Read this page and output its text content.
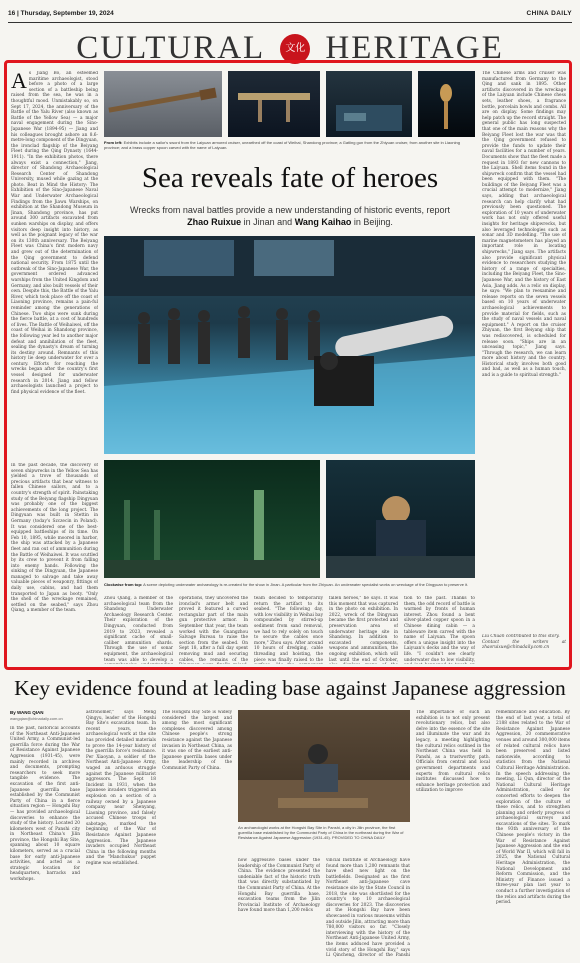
16 | Thursday, September 19, 2024	CHINA DAILY
CULTURAL 文化 HERITAGE
As Jiang Bo, an esteemed maritime archaeologist, stood before a photo of a large section of a battleship being raised from the sea, he was in a thoughtful mood. Unmistakably so, on Sept 17, 2024, the anniversary of the Battle of the Yalu River (also known as Battle of the Yellow Sea) — a major naval engagement during the Sino-Japanese War (1894-95) — Jiang and his colleagues brought ashore an 8.6-metre-long component of the Dingyuan, the ironclad flagship of the Beiyang Fleet during the Qing Dynasty (1644-1911). "In the exhibition photos, there always exist a connection," Jiang, director of Shandong Archaeological Research Center of Shandong University, mused while gazing at the photo. Beat in Mind the History: The Exhibition of the Sino-Japanese Naval War and Underwater Archaeological Findings from the Jiawu Warships, on exhibition at the Shandong Museum in Jinan, Shandong province, has put around 300 artifacts excavated from sunken warships on display, and offers visitors deep insight into history, as well as the poignant legacy of the war on its 130th anniversary. The Beiyang Fleet was China's first modern navy and grew out of the determination of the Qing government to defend national security. From 1875 until the outbreak of the Sino-Japanese War, the government ordered advanced warships from the United Kingdom and Germany, and also built vessels of their own. Despite this, the Battle of the Yalu River, which took place off the coast of Liaoning province, remains a pain-ful reminder among the generations of Chinese. Two ships were sunk during the fierce battle, at a cost of hundreds of lives. The Battle of Weihaiwei, off the coast of Weihai in Shandong province, the following year led to another major defeat and annihilation of the fleet, sealing the dynasty's dream of turning its destiny around. Remnants of this history lie deep underwater for over a century. Efforts for reaching the wrecks began after the country's first vessel designed for underwater research in 2014. Jiang and fellow archaeologists launched a project to find physical evidence of the fleet.
In the past decade, the discovery of seven shipwrecks in the Yellow Sea has yielded a trove of thousands of precious artifacts that bear witness to fallen Chinese sailors, and to a country's strength of spirit. Painstaking study of the Beiyang flagship Dingyuan was probably one of the biggest achievements of the long project. The Dingyuan was built in Stettin in Germany (today's Szczecin in Poland). It was considered one of the best-equipped battleships of its time. On Feb 10, 1895, while moored in harbor, the ship was attacked by a Japanese fleet and ran out of ammunition during the Battle of Weihaiwei. It was scuttled by its crew to prevent it from falling into enemy hands. Following the sinking of the Dingyuan, the Japanese managed to salvage and take away valuable pieces of weaponry, fittings of daily use, cabins, and had them transported to Japan as booty. "Only the shell of the wreckage remained, settled on the seabed," says Zhou Qiang, a member of the team.
From left: Exhibits include a sailor's sword from the Laiyuan armored cruiser, unearthed off the coast of Weihai, Shandong province; a Gatling gun from the Zhiyuan cruiser, from another site in Liaoning province; and a brass copper spoon carved with the name of Laiyuan.
Sea reveals fate of heroes
Wrecks from naval battles provide a new understanding of historic events, report Zhao Ruixue in Jinan and Wang Kaihao in Beijing.
Clockwise from top: A scene depicting underwater archaeology is re-created for the show in Jinan. A particular from the Zhiyuan. An underwater specialist works on wreckage of the Dingyuan to preserve it.
Zhou Qiang, a member of the archaeological team from the Shandong Underwater Archaeology Research Center. Their exploration of the Dingyuan, conducted from 2019 to 2023, revealed a significant cache of small-caliber ammunition shards. Through the use of sonar equipment, the archaeological team was able to develop a
operations, they uncovered the ironclad's armor belt and proved it featured a curved rectangular part of the main gun protective armor. In September that year, the team worked with the Guangzhou Salvage Bureau to raise the section from the seabed. On Sept 18, after a full day spent removing mud and securing cables, the remains of the
team decided to temporarily return the artifact to its seabed. "The following day, with low visibility in Weihai bay compounded by stirred-up sediment from sand removal, we had to rely solely on touch to secure the cables once more," Zhou says. After around 10 hours of dredging, cable threading and hoisting, the piece was finally raised to the
fallen heroes," he says. It was this moment that was captured in the photo on exhibition. In 2022, wreck of the Dingyuan became the first protected and preservation area of underwater heritage site in Shandong. In addition to excavated components, weapons and ammunition, the ongoing exhibition, which will last until the end of October,
tion to the past. Thanks to them, the odd record of battle is warmed by fronts of human interest. Zhou found a bent silver-plated copper spoon in a Chinese dining cabin — a tableware item carved with the name of Laiyuan. The spoon offers a unique insight into the Laiyuan's decks and the way of life. "I couldn't see clearly underwater due to low visibility,
The Chinese arms and cruiser was manufactured from Germany to the Qing and sank in 1895. Other artifacts discovered in the wreckage of the Laiyuan include Chinese chess sets, leather shoes, a fragrance bottle, porcelain bowls and combs. All are on display. Some findings may help patch up the record straight. The general public has long suspected that one of the main reasons why the Beiyang Fleet lost the war was that the Qing government refused to provide the funds to update their naval facilities for a number of years. Documents show that the fleet made a request in 1893 for new cannons to the Laiyuan. Shell items found in the shipwreck confirm that the vessel had been equipped with them. "The buildings of the Beiyang Fleet was a crucial attempt to modernize," Jiang says, adding that archaeological research can help clarify what had previously been questioned. The exploration of 10 years of underwater work has not only offered useful insights for heritage shipwrecks, but also leveraged technologies such as sonar and 3D modelling. "The use of marine magnetometers has played an important role in locating shipwrecks," Jiang says. The artifacts also provide significant physical evidence to researchers studying the history of a range of specialties, including the Beiyang Fleet, the Sino-Japanese War, and the history of East Asia, Jiang adds. As a relic on display, he says: "We plan to reexamine and release reports on the seven vessels based on 10 years of underwater archaeological achievements to provide material for fields, such as the study of naval vessels and naval equipment." A report on the cruiser Zhiyuan, the first Beiyang ship that was rediscovered, is scheduled for release soon. "Ships are in an unceasing topic," Jiang says. "Through the research, we can learn more about history and the country. Historical study involves both good and bad, as well as a human touch, and is a guide to spiritual strength."
Liu Chuan contributed to this story.
Contact the writers at zhaoruixue@chinadaily.com.cn
Key evidence found at leading base against Japanese aggression
By WANG QIAN
wangqian@chinadaily.com.cn
In the past, historical accounts of the Northeast Anti-Japanese United Army, a Communist-led guerrilla force during the War of Resistance Against Japanese Aggression (1931-45), were mainly recorded in archives and documents, prompting researchers to seek more tangible evidence. The excavation of the first anti-Japanese guerrilla base established by the Communist Party of China in a fierce situation region — Hongshi Bay — has provided archaeological discoveries to enhance the study of the history. Located 20 kilometers west of Panshi city in Northeast China's Jilin province, the Hongshi Bay Site, spanning about 10 square kilometers, served as a crucial base for early anti-Japanese activities, and acted as a strategic location for headquarters, barracks and workshops.
astronomer," says Meng Qingyu, leader of the Hongshi Bay Site's excavation team. In recent years, the archaeological work at the site has provided detailed materials to prove the 14-year history of the guerrilla force's resistance. Per Xiaoyan, a soldier of the Northeast Anti-Japanese Army, waged an arduous struggle against the Japanese militarist aggressors. The Sept 18 Incident in 1931, when the Japanese invaders triggered an explosion on a section of a railway owned by a Japanese company near Shenyang, Liaoning province, and falsely accused Chinese troops of sabotage, marked the beginning of the War of Resistance Against Japanese Aggression. The Japanese invaders occupied Northeast China in the following months and the "Manchukuo" puppet regime was established.
The Hongshi Bay Site is widely considered the largest and among the most significant complexes discovered among Chinese people's strong resistance against the Japanese invasion in Northeast China, as it was one of the earliest anti-Japanese guerrilla bases under the leadership of the Communist Party of China.
An archaeologist works at the Hongshi Bay Site in Panshi, a city in Jilin province, the first guerrilla base established by the Communist Party of China in the northeast during the War of Resistance Against Japanese Aggression (1931-45). PROVIDED TO CHINA DAILY
now aggressive bases under the leadership of the Communist Party of China. The evidence presented the undeniable fact of the historic truth that was directly substantiated by the Communist Party of China. At the Hongshi Bay guerrilla base, excavation teams from the Jilin Provincial Institute of Archaeology have found more than 1,200 relics
vincial Institute of Archaeology have found more than 1,200 remnants that have shed new light on the battlefields. Designated as the first Northeast anti-Japanese cave resistance site by the State Council in 2018, the site was shortlisted for the country's top 10 archaeological discoveries for 2023. The discoveries at the Hongshi Bay have been showcased in various museums within and outside Jilin, attracting more than 780,000 visitors so far. "Closely interviewing with the history of the Northeast Anti-Japanese United Army, the items adduced have provided a vivid story of the Hongshi Bay," says Li Qincheng, director of the Panshi
The importance of such an exhibition is to not only present revolutionary relics, but also delve into the essence of the site and illuminate the war and its legacy, a meeting highlighting the cultural relics outlined in the Northeast China was held in Panshi, as a trustworthy path. Officials from central and local government departments and experts from cultural relics institutes discussed how to enhance heritage protection and utilization to improve
remembrance and education. By the end of last year, a total of 2188 sites related to the War of Resistance Against Japanese Aggression, 20 commemorative venues and around 300,000 items of related cultural relics have been preserved and listed nationwide, according to statistics from the National Cultural Heritage Administration. In the speech addressing the meeting, Li Qun, director of the National Cultural Heritage Administration, called for concerted efforts to deepen the exploration of the culture of these relics, and to strengthen planning and orderly progress of archaeological surveys and excavations of the sites. To mark the 93th anniversary of the Chinese people's victory in the War of Resistance Against Japanese Aggression and the end of World War II, which will fall in 2025, the National Cultural Heritage Administration, the National Development and Reform Commission, and the Ministry of Finance issued a three-year plan last year to conduct a further investigation of the relics and artifacts during the period.
